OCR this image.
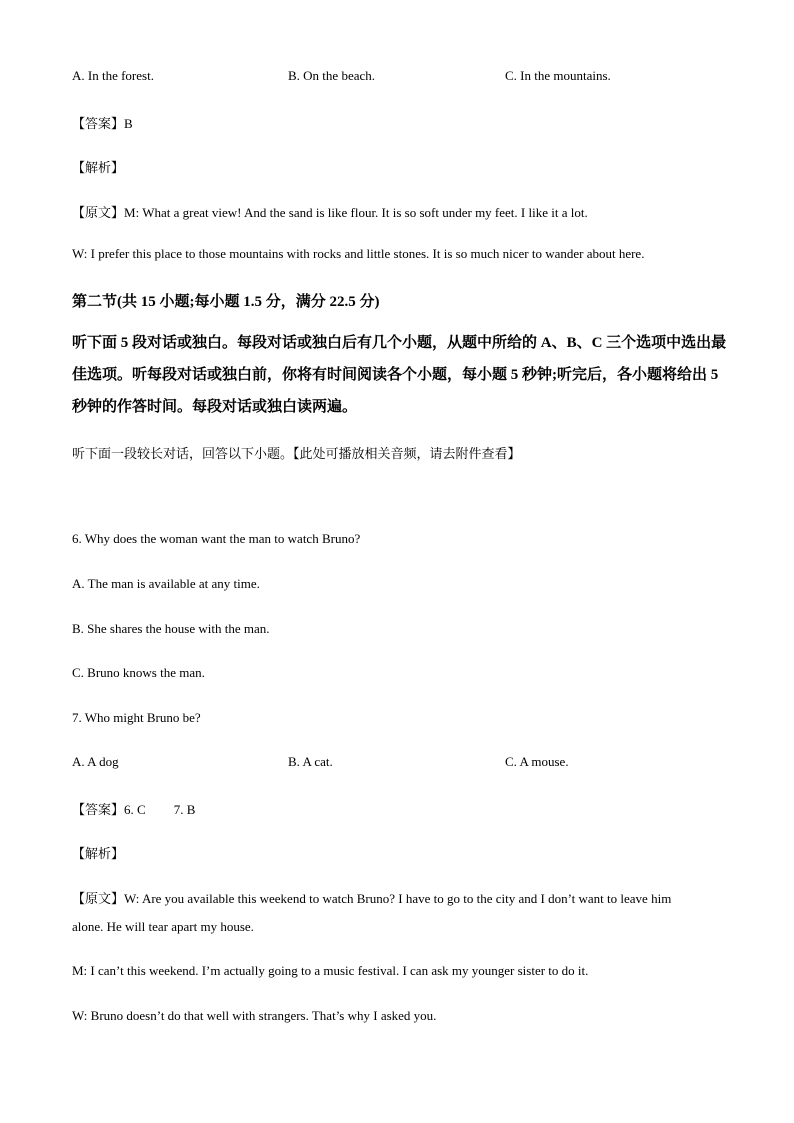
A. In the forest.	B. On the beach.	C. In the mountains.
【答案】B
【解析】
【原文】M: What a great view! And the sand is like flour. It is so soft under my feet. I like it a lot.
W: I prefer this place to those mountains with rocks and little stones. It is so much nicer to wander about here.
第二节(共 15 小题;每小题 1.5 分，满分 22.5 分)
听下面 5 段对话或独白。每段对话或独白后有几个小题，从题中所给的 A、B、C 三个选项中选出最佳选项。听每段对话或独白前，你将有时间阅读各个小题，每小题 5 秒钟;听完后，各小题将给出 5 秒钟的作答时间。每段对话或独白读两遍。
听下面一段较长对话，回答以下小题。【此处可播放相关音频，请去附件查看】
6. Why does the woman want the man to watch Bruno?
A. The man is available at any time.
B. She shares the house with the man.
C. Bruno knows the man.
7. Who might Bruno be?
A. A dog	B. A cat.	C. A mouse.
【答案】6. C 7. B
【解析】
【原文】W: Are you available this weekend to watch Bruno? I have to go to the city and I don’t want to leave him
alone. He will tear apart my house.
M: I can’t this weekend. I’m actually going to a music festival. I can ask my younger sister to do it.
W: Bruno doesn’t do that well with strangers. That’s why I asked you.
